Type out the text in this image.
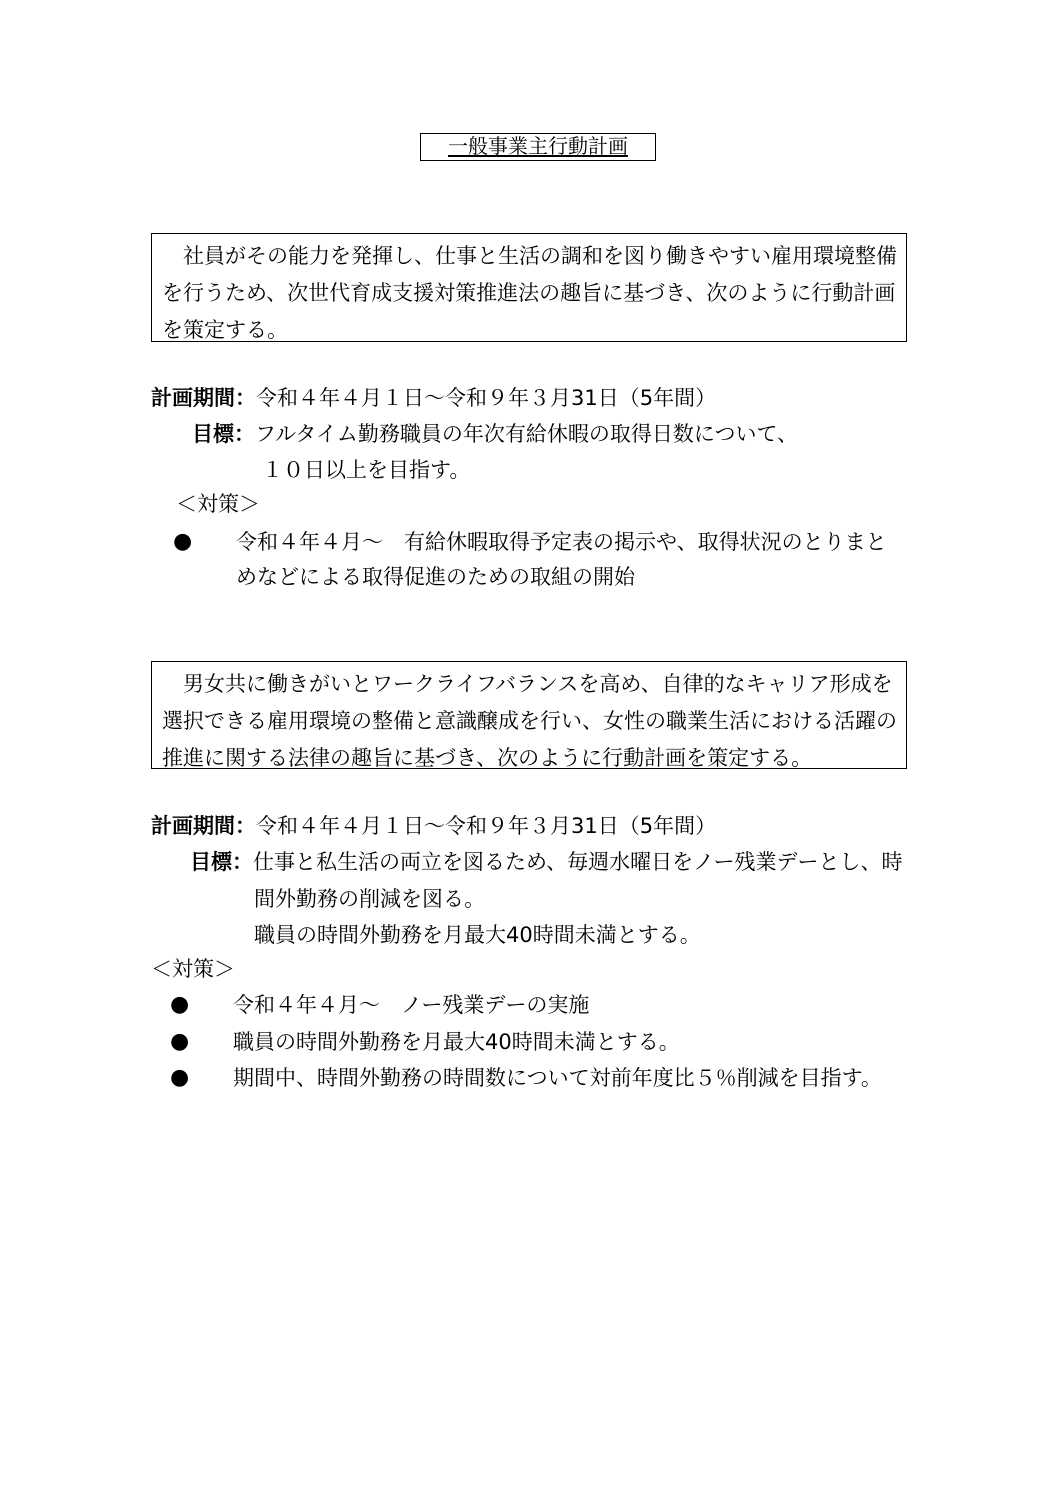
一般事業主行動計画

社員がその能力を発揮し、仕事と生活の調和を図り働きやすい雇用環境整備を行うため、次世代育成支援対策推進法の趣旨に基づき、次のように行動計画を策定する。

計画期間：令和４年４月１日～令和９年３月31日（5年間）
目標：フルタイム勤務職員の年次有給休暇の取得日数について、
１０日以上を目指す。
＜対策＞
● 令和４年４月～　有給休暇取得予定表の掲示や、取得状況のとりまと
めなどによる取得促進のための取組の開始

男女共に働きがいとワークライフバランスを高め、自律的なキャリア形成を選択できる雇用環境の整備と意識醸成を行い、女性の職業生活における活躍の推進に関する法律の趣旨に基づき、次のように行動計画を策定する。

計画期間：令和４年４月１日～令和９年３月31日（5年間）
目標：仕事と私生活の両立を図るため、毎週水曜日をノー残業デーとし、時
間外勤務の削減を図る。
職員の時間外勤務を月最大40時間未満とする。
＜対策＞
● 令和４年４月～　ノー残業デーの実施
● 職員の時間外勤務を月最大40時間未満とする。
● 期間中、時間外勤務の時間数について対前年度比５％削減を目指す。
